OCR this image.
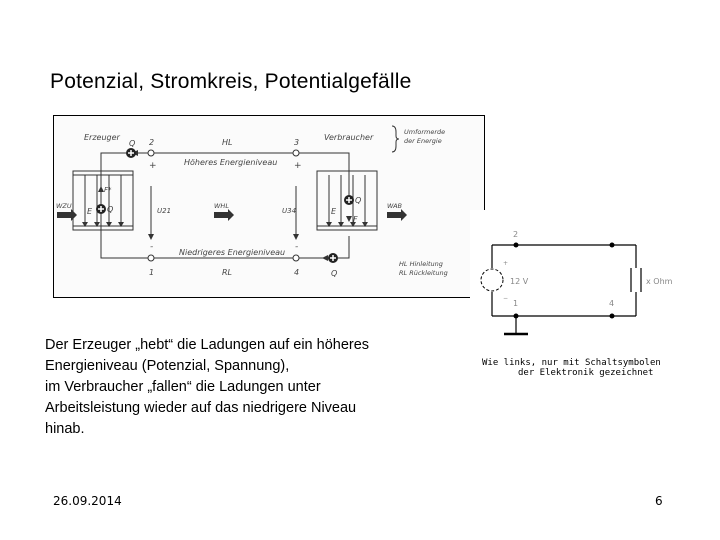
Potenzial, Stromkreis, Potentialgefälle
Erzeuger	Verbraucher
Umformerde
der Energie
Q
Q
Q
Q
2	3
1	4
+	+
-	-
HL
RL
Höheres Energieniveau
Niedrigeres Energieniveau
U21	U34
E	E
F*
F
WZU	WHL	WAB
HL Hinleitung
RL Rückleitung
+
−
2
1	4
12 V	x Ohm
Wie links, nur mit Schaltsymbolen
der Elektronik gezeichnet
Der Erzeuger „hebt“ die Ladungen auf ein höheres
Energieniveau (Potenzial, Spannung),
im Verbraucher „fallen“ die Ladungen unter
Arbeitsleistung wieder auf das niedrigere Niveau
hinab.
26.09.2014	6
